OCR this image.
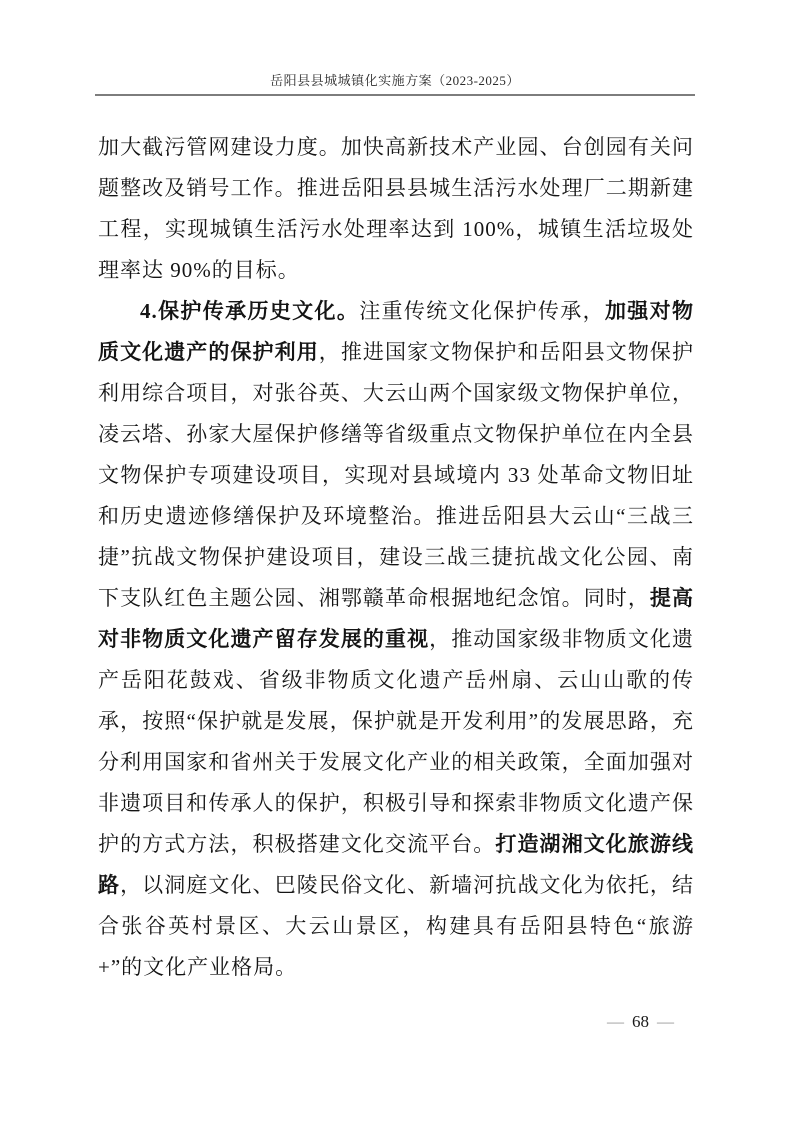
岳阳县县城城镇化实施方案（2023-2025）

加大截污管网建设力度。加快高新技术产业园、台创园有关问题整改及销号工作。推进岳阳县县城生活污水处理厂二期新建工程，实现城镇生活污水处理率达到 100%，城镇生活垃圾处理率达 90%的目标。

4.保护传承历史文化。注重传统文化保护传承，加强对物质文化遗产的保护利用，推进国家文物保护和岳阳县文物保护利用综合项目，对张谷英、大云山两个国家级文物保护单位，凌云塔、孙家大屋保护修缮等省级重点文物保护单位在内全县文物保护专项建设项目，实现对县域境内 33 处革命文物旧址和历史遗迹修缮保护及环境整治。推进岳阳县大云山“三战三捷”抗战文物保护建设项目，建设三战三捷抗战文化公园、南下支队红色主题公园、湘鄂赣革命根据地纪念馆。同时，提高对非物质文化遗产留存发展的重视，推动国家级非物质文化遗产岳阳花鼓戏、省级非物质文化遗产岳州扇、云山山歌的传承，按照“保护就是发展，保护就是开发利用”的发展思路，充分利用国家和省州关于发展文化产业的相关政策，全面加强对非遗项目和传承人的保护，积极引导和探索非物质文化遗产保护的方式方法，积极搭建文化交流平台。打造湖湘文化旅游线路，以洞庭文化、巴陵民俗文化、新墙河抗战文化为依托，结合张谷英村景区、大云山景区，构建具有岳阳县特色“旅游+”的文化产业格局。

— 68 —
